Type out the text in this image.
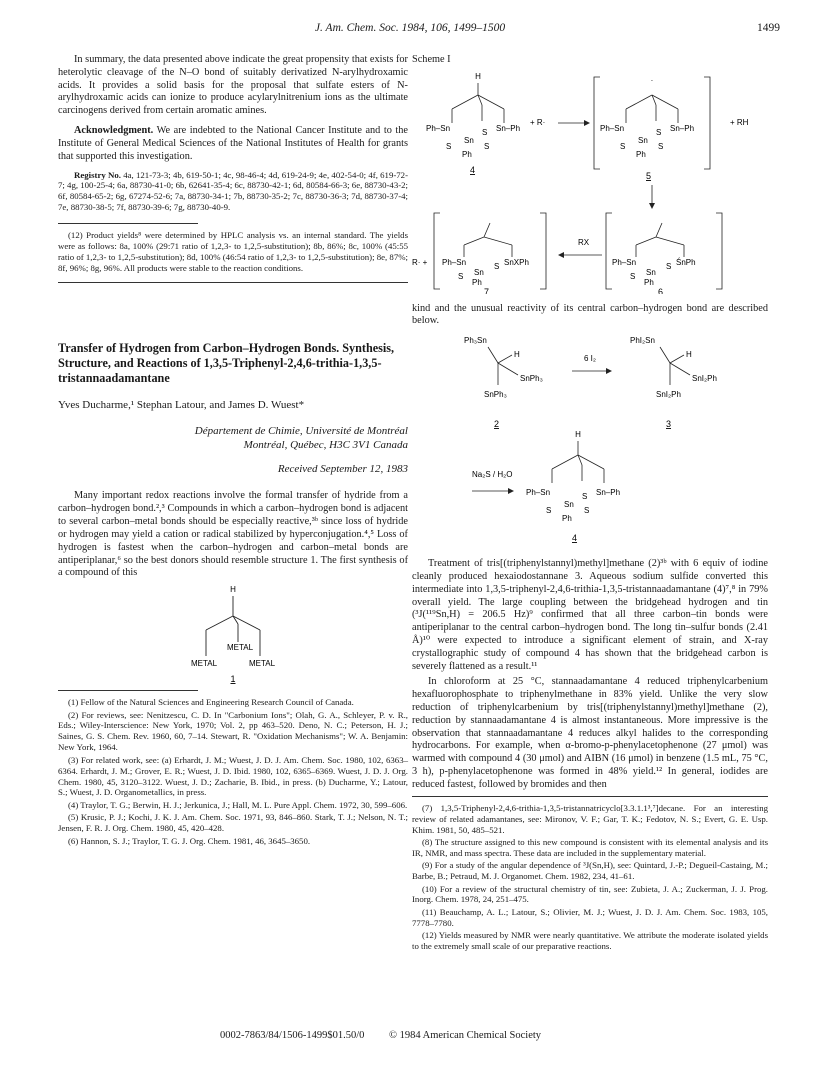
J. Am. Chem. Soc. 1984, 106, 1499–1500	1499

In summary, the data presented above indicate the great propensity that exists for heterolytic cleavage of the N–O bond of suitably derivatized N-arylhydroxamic acids. It provides a solid basis for the proposal that sulfate esters of N-arylhydroxamic acids can ionize to produce acylarylnitrenium ions as the ultimate carcinogens derived from certain aromatic amines.

Acknowledgment. We are indebted to the National Cancer Institute and to the Institute of General Medical Sciences of the National Institutes of Health for grants that supported this investigation.

Registry No. 4a, 121-73-3; 4b, 619-50-1; 4c, 98-46-4; 4d, 619-24-9; 4e, 402-54-0; 4f, 619-72-7; 4g, 100-25-4; 6a, 88730-41-0; 6b, 62641-35-4; 6c, 88730-42-1; 6d, 80584-66-3; 6e, 88730-43-2; 6f, 80584-65-2; 6g, 67274-52-6; 7a, 88730-34-1; 7b, 88730-35-2; 7c, 88730-36-3; 7d, 88730-37-4; 7e, 88730-38-5; 7f, 88730-39-6; 7g, 88730-40-9.

(12) Product yields⁸ were determined by HPLC analysis vs. an internal standard. The yields were as follows: 8a, 100% (29:71 ratio of 1,2,3- to 1,2,5-substitution); 8b, 86%; 8c, 100% (45:55 ratio of 1,2,3- to 1,2,5-substitution); 8d, 100% (46:54 ratio of 1,2,3- to 1,2,5-substitution); 8e, 87%; 8f, 96%; 8g, 96%. All products were stable to the reaction conditions.

Transfer of Hydrogen from Carbon–Hydrogen Bonds. Synthesis, Structure, and Reactions of 1,3,5-Triphenyl-2,4,6-trithia-1,3,5-tristannaadamantane
Yves Ducharme,¹ Stephan Latour, and James D. Wuest*
Département de Chimie, Université de Montréal
Montréal, Québec, H3C 3V1 Canada
Received September 12, 1983

Many important redox reactions involve the formal transfer of hydride from a carbon–hydrogen bond.²,³ Compounds in which a carbon–hydrogen bond is adjacent to several carbon–metal bonds should be especially reactive,³ᵇ since loss of hydride or hydrogen may yield a cation or radical stabilized by hyperconjugation.⁴,⁵ Loss of hydrogen is fastest when the carbon–hydrogen and carbon–metal bonds are antiperiplanar,⁶ so the best donors should resemble structure 1. The first synthesis of a compound of this

H
METAL
METAL	METAL
1

(1) Fellow of the Natural Sciences and Engineering Research Council of Canada.

(2) For reviews, see: Nenitzescu, C. D. In "Carbonium Ions"; Olah, G. A., Schleyer, P. v. R., Eds.; Wiley-Interscience: New York, 1970; Vol. 2, pp 463–520. Deno, N. C.; Peterson, H. J.; Saines, G. S. Chem. Rev. 1960, 60, 7–14. Stewart, R. "Oxidation Mechanisms"; W. A. Benjamin: New York, 1964.

(3) For related work, see: (a) Erhardt, J. M.; Wuest, J. D. J. Am. Chem. Soc. 1980, 102, 6363–6364. Erhardt, J. M.; Grover, E. R.; Wuest, J. D. Ibid. 1980, 102, 6365–6369. Wuest, J. D. J. Org. Chem. 1980, 45, 3120–3122. Wuest, J. D.; Zacharie, B. Ibid., in press. (b) Ducharme, Y.; Latour, S.; Wuest, J. D. Organometallics, in press.

(4) Traylor, T. G.; Berwin, H. J.; Jerkunica, J.; Hall, M. L. Pure Appl. Chem. 1972, 30, 599–606.

(5) Krusic, P. J.; Kochi, J. K. J. Am. Chem. Soc. 1971, 93, 846–860. Stark, T. J.; Nelson, N. T.; Jensen, F. R. J. Org. Chem. 1980, 45, 420–428.

(6) Hannon, S. J.; Traylor, T. G. J. Org. Chem. 1981, 46, 3645–3650.

Scheme I
H
Ph–Sn	Sn–Ph
S
Sn
S	S
Ph
4
+ R·
·
Ph–Sn	Sn–Ph
S
Sn
S	S
Ph
5
+ RH
R· + Ph–Sn	SnXPh
S
Sn
S
Ph
7
RX
Ph–Sn	ŚnPh
S
Sn
S
Ph
6

kind and the unusual reactivity of its central carbon–hydrogen bond are described below.

Ph₃Sn
H
SnPh₃
SnPh₃
2
6 I₂
PhI₂Sn
H
SnI₂Ph
SnI₂Ph
3
Na₂S / H₂O
H
Ph–Sn	Sn–Ph
S
Sn
S	S
Ph
4

Treatment of tris[(triphenylstannyl)methyl]methane (2)³ᵇ with 6 equiv of iodine cleanly produced hexaiodostannane 3. Aqueous sodium sulfide converted this intermediate into 1,3,5-triphenyl-2,4,6-trithia-1,3,5-tristannaadamantane (4)⁷,⁸ in 79% overall yield. The large coupling between the bridgehead hydrogen and tin (³J(¹¹⁹Sn,H) = 206.5 Hz)⁹ confirmed that all three carbon–tin bonds were antiperiplanar to the central carbon–hydrogen bond. The long tin–sulfur bonds (2.41 Å)¹⁰ were expected to introduce a significant element of strain, and X-ray crystallographic study of compound 4 has shown that the bridgehead carbon is severely flattened as a result.¹¹

In chloroform at 25 °C, stannaadamantane 4 reduced triphenylcarbenium hexafluorophosphate to triphenylmethane in 83% yield. Unlike the very slow reduction of triphenylcarbenium by tris[(triphenylstannyl)methyl]methane (2), reduction by stannaadamantane 4 is almost instantaneous. More impressive is the observation that stannaadamantane 4 reduces alkyl halides to the corresponding hydrocarbons. For example, when α-bromo-p-phenylacetophenone (27 μmol) was warmed with compound 4 (30 μmol) and AIBN (16 μmol) in benzene (1.5 mL, 75 °C, 3 h), p-phenylacetophenone was formed in 48% yield.¹² In general, iodides are reduced fastest, followed by bromides and then

(7) 1,3,5-Triphenyl-2,4,6-trithia-1,3,5-tristannatricyclo[3.3.1.1³,⁷]decane. For an interesting review of related adamantanes, see: Mironov, V. F.; Gar, T. K.; Fedotov, N. S.; Evert, G. E. Usp. Khim. 1981, 50, 485–521.

(8) The structure assigned to this new compound is consistent with its elemental analysis and its IR, NMR, and mass spectra. These data are included in the supplementary material.

(9) For a study of the angular dependence of ³J(Sn,H), see: Quintard, J.-P.; Degueil-Castaing, M.; Barbe, B.; Petraud, M. J. Organomet. Chem. 1982, 234, 41–61.

(10) For a review of the structural chemistry of tin, see: Zubieta, J. A.; Zuckerman, J. J. Prog. Inorg. Chem. 1978, 24, 251–475.

(11) Beauchamp, A. L.; Latour, S.; Olivier, M. J.; Wuest, J. D. J. Am. Chem. Soc. 1983, 105, 7778–7780.

(12) Yields measured by NMR were nearly quantitative. We attribute the moderate isolated yields to the extremely small scale of our preparative reactions.

0002-7863/84/1506-1499$01.50/0 © 1984 American Chemical Society
